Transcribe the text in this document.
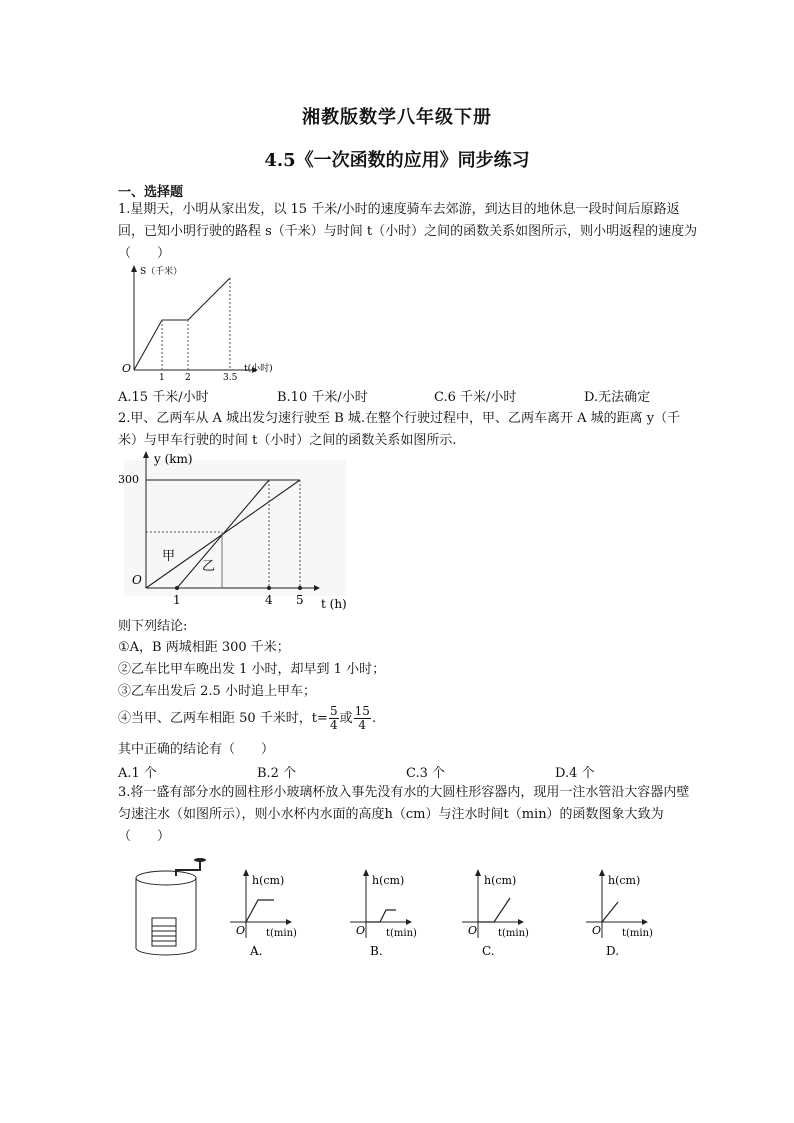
湘教版数学八年级下册
4.5《一次函数的应用》同步练习
一、选择题
1.星期天，小明从家出发，以 15 千米/小时的速度骑车去郊游，到达目的地休息一段时间后原路返回，已知小明行驶的路程 s（千米）与时间 t（小时）之间的函数关系如图所示，则小明返程的速度为（　　）
S（千米）
t(小时)
O
1 2	3.5
A.15 千米/小时	B.10 千米/小时	C.6 千米/小时	D.无法确定
2.甲、乙两车从 A 城出发匀速行驶至 B 城.在整个行驶过程中，甲、乙两车离开 A 城的距离 y（千米）与甲车行驶的时间 t（小时）之间的函数关系如图所示.
y (km)
t (h)
300
O
1	4 5
甲
乙
则下列结论:
①A，B 两城相距 300 千米；
②乙车比甲车晚出发 1 小时，却早到 1 小时；
③乙车出发后 2.5 小时追上甲车；
④当甲、乙两车相距 50 千米时，$t= \frac{5}{4}$ 或 $\frac{15}{4}$ .
其中正确的结论有（　　）
A.1 个	B.2 个	C.3 个	D.4 个
3.将一盛有部分水的圆柱形小玻璃杯放入事先没有水的大圆柱形容器内，现用一注水管沿大容器内壁匀速注水（如图所示），则小水杯内水面的高度h（cm）与注水时间t（min）的函数图象大致为（　　）
h(cm)
t(min)
O
A.
h(cm)
t(min)
O
B.
h(cm)
t(min)
O
C.
h(cm)
t(min)
O
D.
